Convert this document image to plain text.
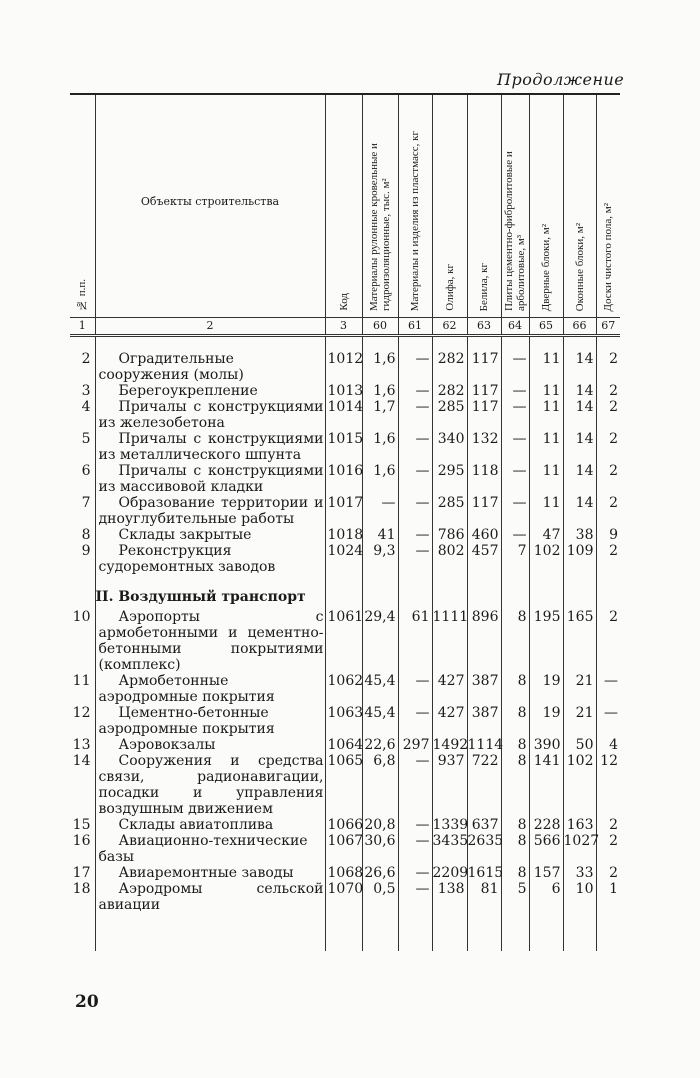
Продолжение
№ п.п.	Объекты строительства	Код	Материалы рулонные кровельные и гидроизоляционные, тыс. м²	Материалы и изделия из пластмасс, кг	Олифа, кг	Белила, кг	Плиты цементно-фибролитовые и арболитовые, м³	Дверные блоки, м²	Оконные блоки, м²	Доски чистого пола, м²

1	2	3	60	61	62	63	64	65	66	67

2	Оградительные сооружения (молы)	1012	1,6	—	282	117	—	11	14	2
3	Берегоукрепление	1013	1,6	—	282	117	—	11	14	2
4	Причалы с конструкциями из железобетона	1014	1,7	—	285	117	—	11	14	2
5	Причалы с конструкциями из металлического шпунта	1015	1,6	—	340	132	—	11	14	2
6	Причалы с конструкциями из массивовой кладки	1016	1,6	—	295	118	—	11	14	2
7	Образование территории и дноуглубительные работы	1017	—	—	285	117	—	11	14	2
8	Склады закрытые	1018	41	—	786	460	—	47	38	9
9	Реконструкция судоремонтных заводов	1024	9,3	—	802	457	7	102	109	2

	II. Воздушный транспорт									
10	Аэропорты с армобетонными и цементно-бетонными покрытиями (комплекс)	1061	29,4	61	1111	896	8	195	165	2
11	Армобетонные аэродромные покрытия	1062	45,4	—	427	387	8	19	21	—
12	Цементно-бетонные аэродромные покрытия	1063	45,4	—	427	387	8	19	21	—
13	Аэровокзалы	1064	22,6	297	1492	1114	8	390	50	4
14	Сооружения и средства связи, радионавигации, посадки и управления воздушным движением	1065	6,8	—	937	722	8	141	102	12
15	Склады авиатоплива	1066	20,8	—	1339	637	8	228	163	2
16	Авиационно-технические базы	1067	30,6	—	3435	2635	8	566	1027	2
17	Авиаремонтные заводы	1068	26,6	—	2209	1615	8	157	33	2
18	Аэродромы сельской авиации	1070	0,5	—	138	81	5	6	10	1

20
